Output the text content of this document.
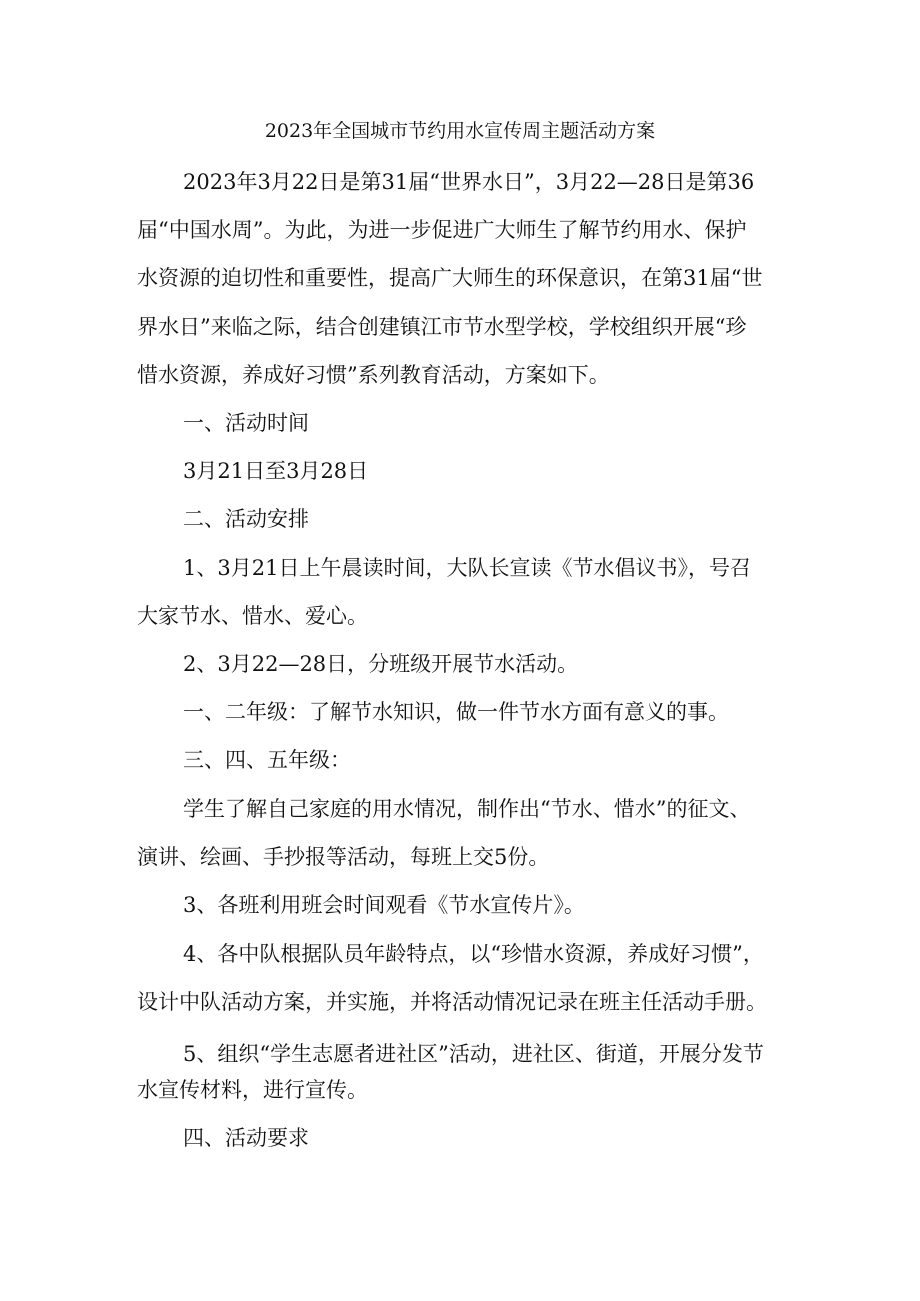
2023年全国城市节约用水宣传周主题活动方案
2023年3月22日是第31届“世界水日”，3月22—28日是第36
届“中国水周”。为此，为进一步促进广大师生了解节约用水、保护
水资源的迫切性和重要性，提高广大师生的环保意识，在第31届“世
界水日”来临之际，结合创建镇江市节水型学校，学校组织开展“珍
惜水资源，养成好习惯”系列教育活动，方案如下。
一、活动时间
3月21日至3月28日
二、活动安排
1、3月21日上午晨读时间，大队长宣读《节水倡议书》，号召
大家节水、惜水、爱心。
2、3月22—28日，分班级开展节水活动。
一、二年级：了解节水知识，做一件节水方面有意义的事。
三、四、五年级：
学生了解自己家庭的用水情况，制作出“节水、惜水”的征文、
演讲、绘画、手抄报等活动，每班上交5份。
3、各班利用班会时间观看《节水宣传片》。
4、各中队根据队员年龄特点，以“珍惜水资源，养成好习惯”，
设计中队活动方案，并实施，并将活动情况记录在班主任活动手册。
5、组织“学生志愿者进社区”活动，进社区、街道，开展分发节
水宣传材料，进行宣传。
四、活动要求
